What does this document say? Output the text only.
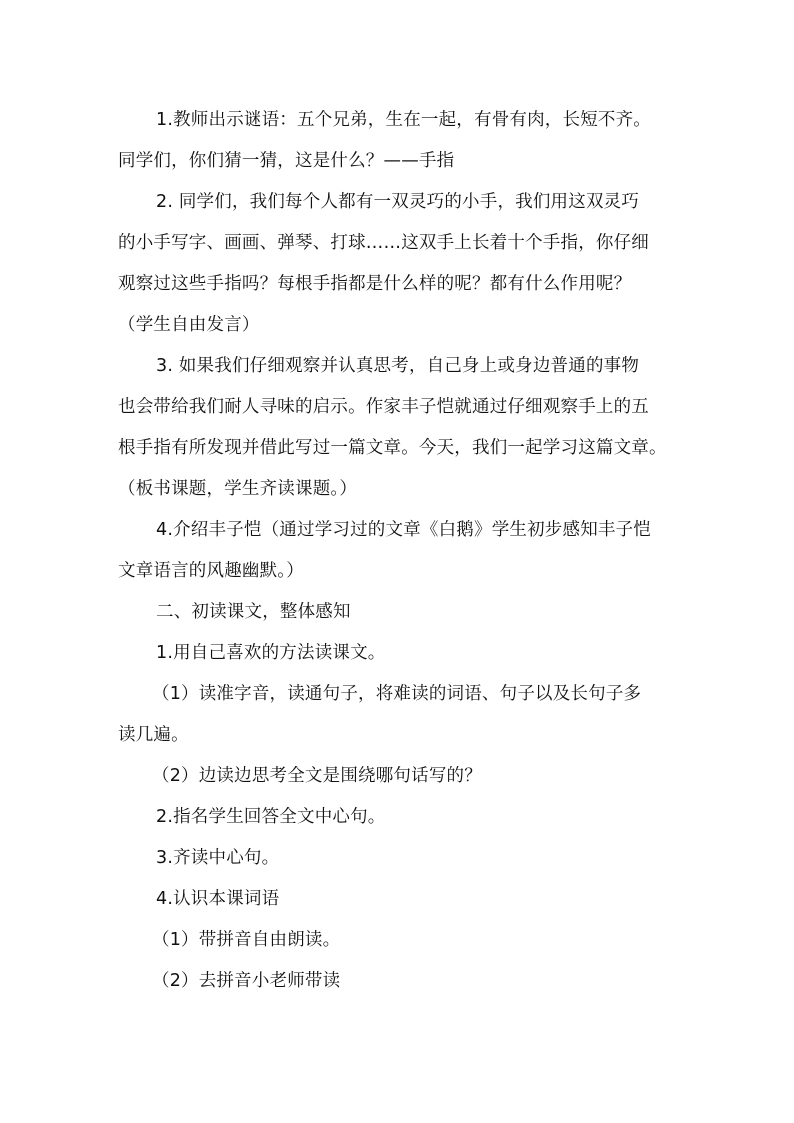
1.教师出示谜语：五个兄弟，生在一起，有骨有肉，长短不齐。
同学们，你们猜一猜，这是什么？——手指
2. 同学们，我们每个人都有一双灵巧的小手，我们用这双灵巧
的小手写字、画画、弹琴、打球……这双手上长着十个手指，你仔细
观察过这些手指吗？每根手指都是什么样的呢？都有什么作用呢？
（学生自由发言）
3. 如果我们仔细观察并认真思考，自己身上或身边普通的事物
也会带给我们耐人寻味的启示。作家丰子恺就通过仔细观察手上的五
根手指有所发现并借此写过一篇文章。今天，我们一起学习这篇文章。
（板书课题，学生齐读课题。）
4.介绍丰子恺（通过学习过的文章《白鹅》学生初步感知丰子恺
文章语言的风趣幽默。）
二、初读课文，整体感知
1.用自己喜欢的方法读课文。
（1）读准字音，读通句子，将难读的词语、句子以及长句子多
读几遍。
（2）边读边思考全文是围绕哪句话写的？
2.指名学生回答全文中心句。
3.齐读中心句。
4.认识本课词语
（1）带拼音自由朗读。
（2）去拼音小老师带读
